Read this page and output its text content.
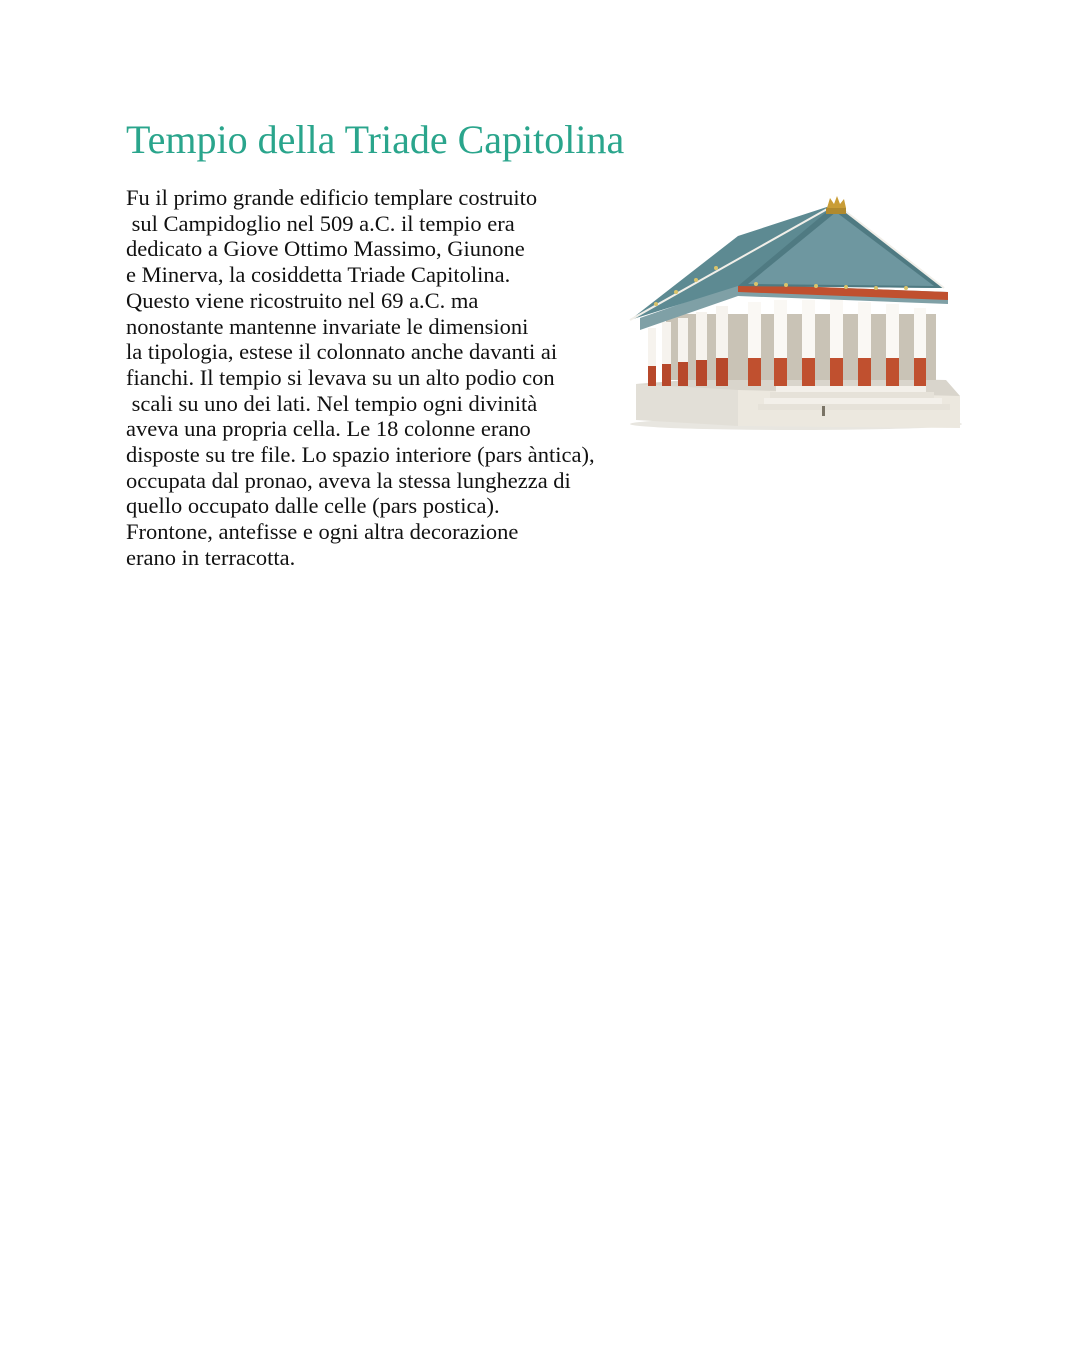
Tempio della Triade Capitolina
Fu il primo grande edificio templare costruito
sul Campidoglio nel 509 a.C. il tempio era
dedicato a Giove Ottimo Massimo, Giunone
e Minerva, la cosiddetta Triade Capitolina.
Questo viene ricostruito nel 69 a.C. ma
nonostante mantenne invariate le dimensioni
la tipologia, estese il colonnato anche davanti ai
fianchi. Il tempio si levava su un alto podio con
scali su uno dei lati. Nel tempio ogni divinità
aveva una propria cella. Le 18 colonne erano
disposte su tre file. Lo spazio interiore (pars àntica),
occupata dal pronao, aveva la stessa lunghezza di
quello occupato dalle celle (pars postica).
Frontone, antefisse e ogni altra decorazione
erano in terracotta.
